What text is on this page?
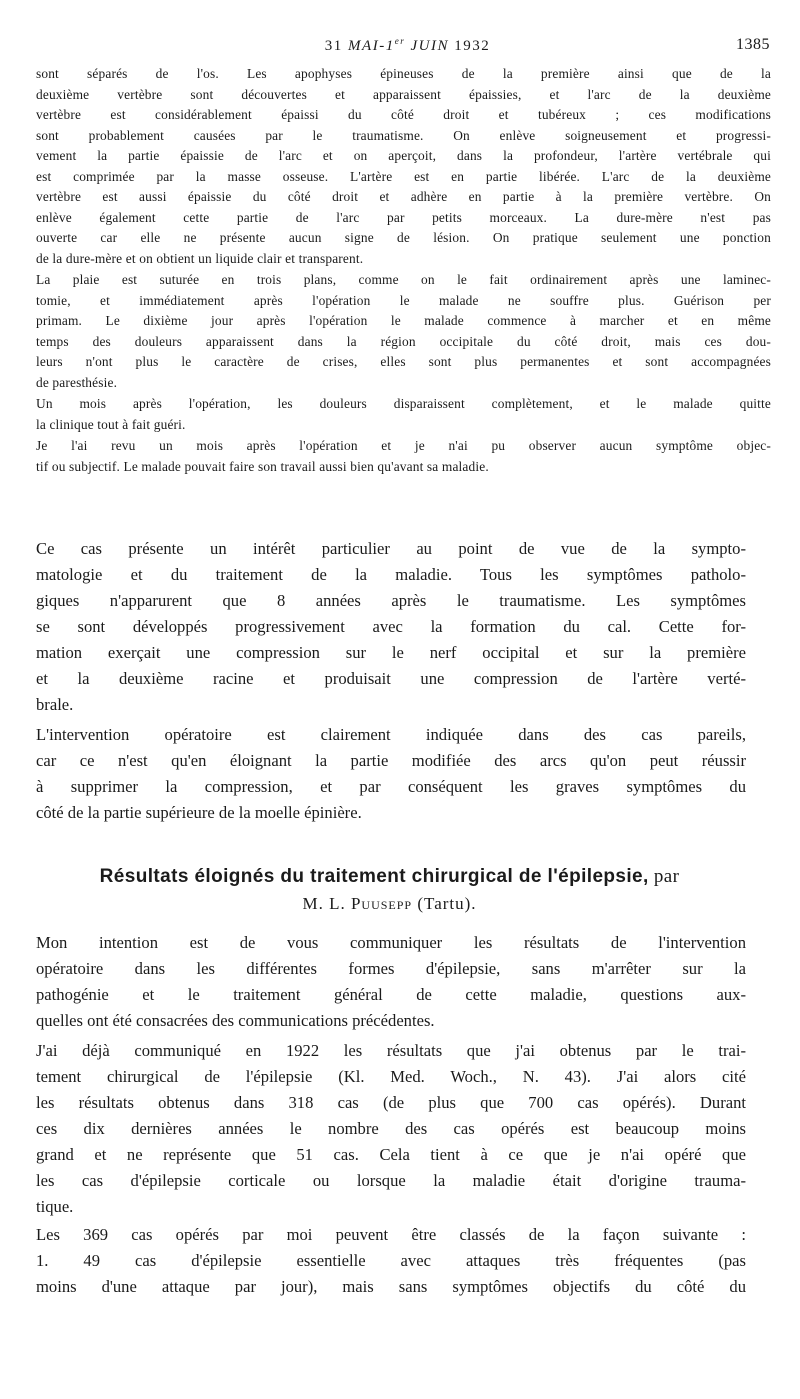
31 MAI-1er JUIN 1932	1385
sont séparés de l'os. Les apophyses épineuses de la première ainsi que de la
deuxième vertèbre sont découvertes et apparaissent épaissies, et l'arc de la deuxième
vertèbre est considérablement épaissi du côté droit et tubéreux ; ces modifications
sont probablement causées par le traumatisme. On enlève soigneusement et progressi-
vement la partie épaissie de l'arc et on aperçoit, dans la profondeur, l'artère vertébrale qui
est comprimée par la masse osseuse. L'artère est en partie libérée. L'arc de la deuxième
vertèbre est aussi épaissie du côté droit et adhère en partie à la première vertèbre. On
enlève également cette partie de l'arc par petits morceaux. La dure-mère n'est pas
ouverte car elle ne présente aucun signe de lésion. On pratique seulement une ponction
de la dure-mère et on obtient un liquide clair et transparent.
La plaie est suturée en trois plans, comme on le fait ordinairement après une laminec-
tomie, et immédiatement après l'opération le malade ne souffre plus. Guérison per
primam. Le dixième jour après l'opération le malade commence à marcher et en même
temps des douleurs apparaissent dans la région occipitale du côté droit, mais ces dou-
leurs n'ont plus le caractère de crises, elles sont plus permanentes et sont accompagnées
de paresthésie.
Un mois après l'opération, les douleurs disparaissent complètement, et le malade quitte
la clinique tout à fait guéri.
Je l'ai revu un mois après l'opération et je n'ai pu observer aucun symptôme objec-
tif ou subjectif. Le malade pouvait faire son travail aussi bien qu'avant sa maladie.
Ce cas présente un intérêt particulier au point de vue de la sympto-
matologie et du traitement de la maladie. Tous les symptômes patholo-
giques n'apparurent que 8 années après le traumatisme. Les symptômes
se sont développés progressivement avec la formation du cal. Cette for-
mation exerçait une compression sur le nerf occipital et sur la première
et la deuxième racine et produisait une compression de l'artère verté-
brale.
L'intervention opératoire est clairement indiquée dans des cas pareils,
car ce n'est qu'en éloignant la partie modifiée des arcs qu'on peut réussir
à supprimer la compression, et par conséquent les graves symptômes du
côté de la partie supérieure de la moelle épinière.
Résultats éloignés du traitement chirurgical de l'épilepsie, par
M. L. Puusepp (Tartu).
Mon intention est de vous communiquer les résultats de l'intervention
opératoire dans les différentes formes d'épilepsie, sans m'arrêter sur la
pathogénie et le traitement général de cette maladie, questions aux-
quelles ont été consacrées des communications précédentes.
J'ai déjà communiqué en 1922 les résultats que j'ai obtenus par le trai-
tement chirurgical de l'épilepsie (Kl. Med. Woch., N. 43). J'ai alors cité
les résultats obtenus dans 318 cas (de plus que 700 cas opérés). Durant
ces dix dernières années le nombre des cas opérés est beaucoup moins
grand et ne représente que 51 cas. Cela tient à ce que je n'ai opéré que
les cas d'épilepsie corticale ou lorsque la maladie était d'origine trauma-
tique.
Les 369 cas opérés par moi peuvent être classés de la façon suivante :
1. 49 cas d'épilepsie essentielle avec attaques très fréquentes (pas
moins d'une attaque par jour), mais sans symptômes objectifs du côté du
